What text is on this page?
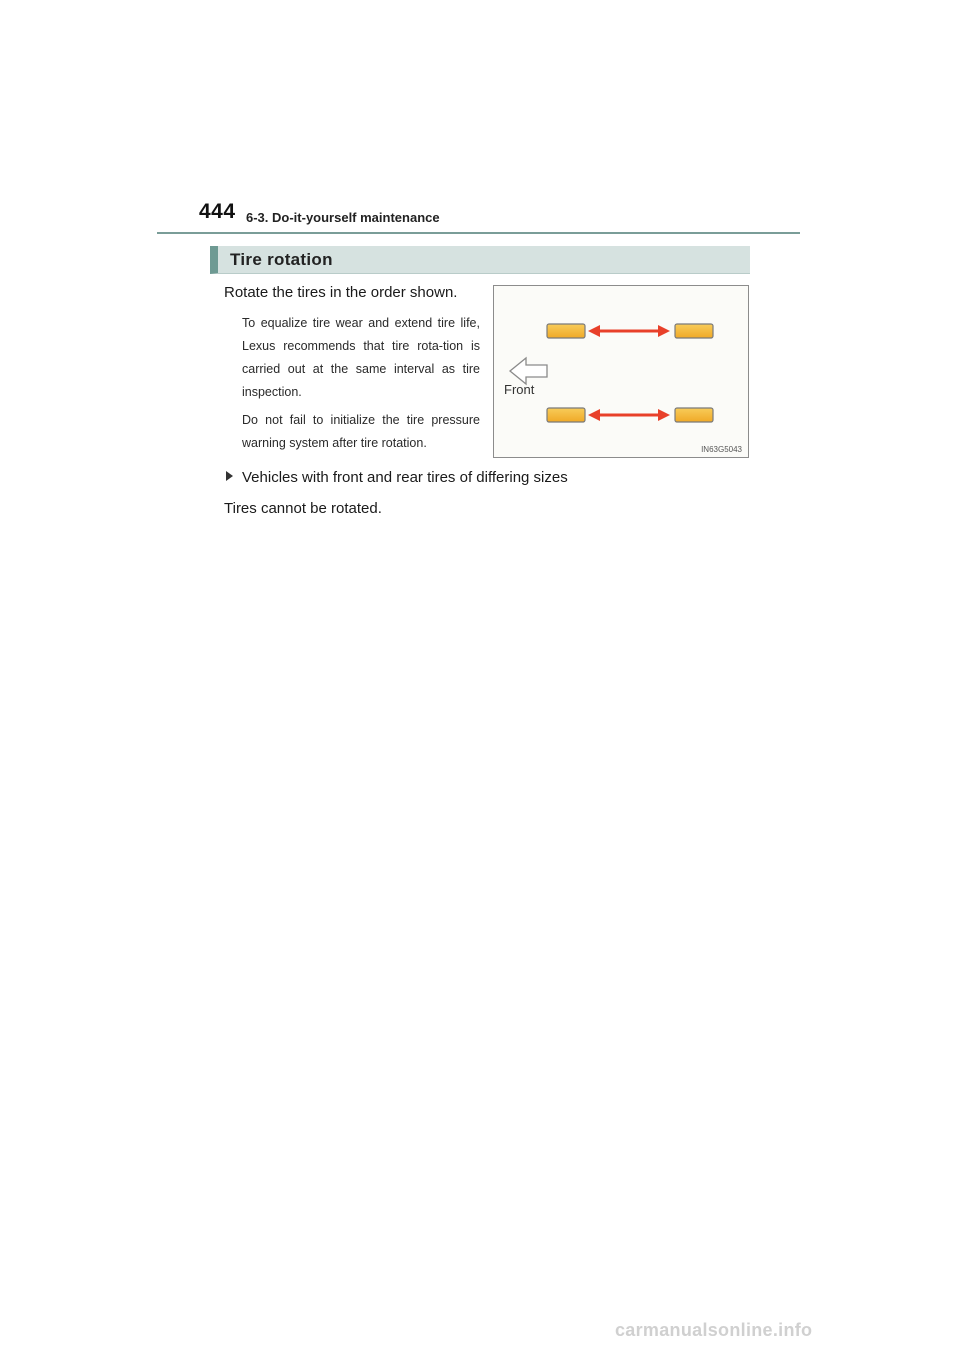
444 6-3. Do-it-yourself maintenance
Tire rotation
Rotate the tires in the order shown.
To equalize tire wear and extend tire life, Lexus recommends that tire rota-tion is carried out at the same interval as tire inspection.
Do not fail to initialize the tire pressure warning system after tire rotation.
Front
IN63G5043
Vehicles with front and rear tires of differing sizes
Tires cannot be rotated.
carmanualsonline.info
